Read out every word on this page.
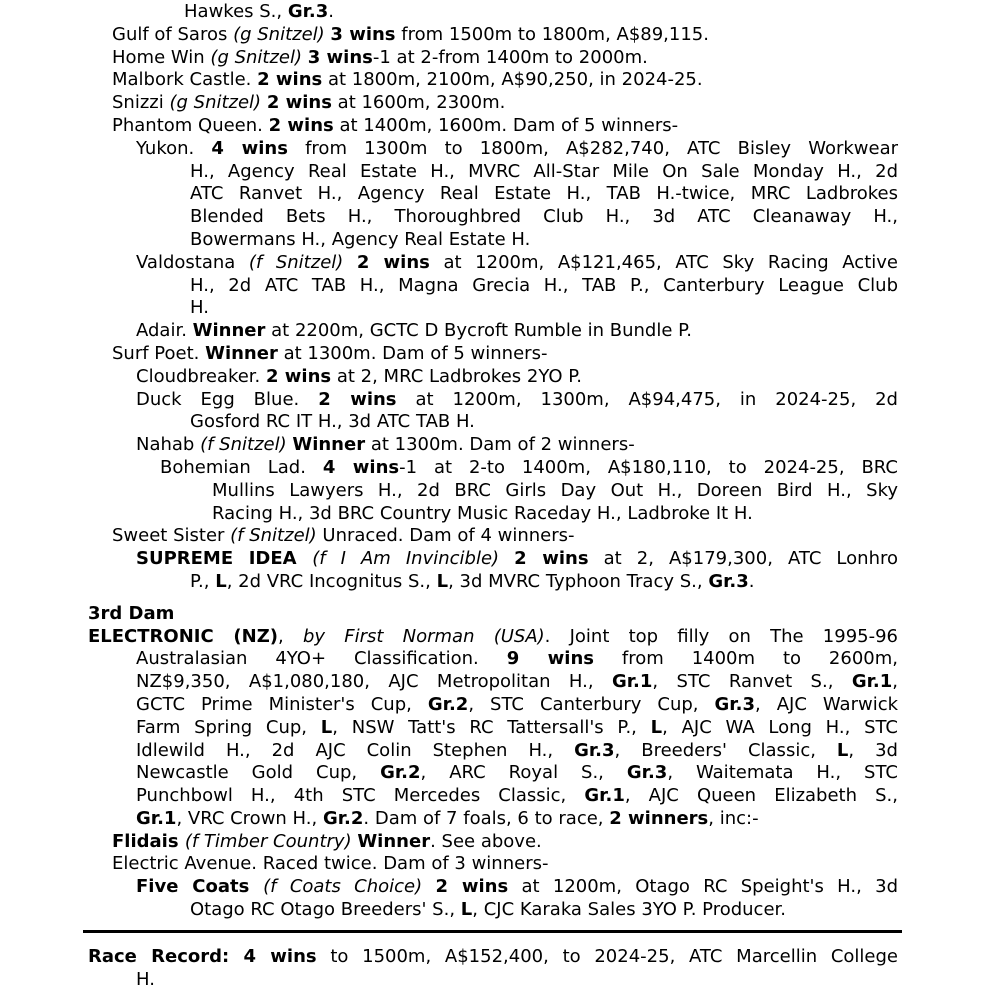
Hawkes S., Gr.3.
Gulf of Saros (g Snitzel) 3 wins from 1500m to 1800m, A$89,115.
Home Win (g Snitzel) 3 wins-1 at 2-from 1400m to 2000m.
Malbork Castle. 2 wins at 1800m, 2100m, A$90,250, in 2024-25.
Snizzi (g Snitzel) 2 wins at 1600m, 2300m.
Phantom Queen. 2 wins at 1400m, 1600m. Dam of 5 winners-
Yukon. 4 wins from 1300m to 1800m, A$282,740, ATC Bisley Workwear
H., Agency Real Estate H., MVRC All-Star Mile On Sale Monday H., 2d
ATC Ranvet H., Agency Real Estate H., TAB H.-twice, MRC Ladbrokes
Blended Bets H., Thoroughbred Club H., 3d ATC Cleanaway H.,
Bowermans H., Agency Real Estate H.
Valdostana (f Snitzel) 2 wins at 1200m, A$121,465, ATC Sky Racing Active
H., 2d ATC TAB H., Magna Grecia H., TAB P., Canterbury League Club
H.
Adair. Winner at 2200m, GCTC D Bycroft Rumble in Bundle P.
Surf Poet. Winner at 1300m. Dam of 5 winners-
Cloudbreaker. 2 wins at 2, MRC Ladbrokes 2YO P.
Duck Egg Blue. 2 wins at 1200m, 1300m, A$94,475, in 2024-25, 2d
Gosford RC IT H., 3d ATC TAB H.
Nahab (f Snitzel) Winner at 1300m. Dam of 2 winners-
Bohemian Lad. 4 wins-1 at 2-to 1400m, A$180,110, to 2024-25, BRC
Mullins Lawyers H., 2d BRC Girls Day Out H., Doreen Bird H., Sky
Racing H., 3d BRC Country Music Raceday H., Ladbroke It H.
Sweet Sister (f Snitzel) Unraced. Dam of 4 winners-
SUPREME IDEA (f I Am Invincible) 2 wins at 2, A$179,300, ATC Lonhro
P., L, 2d VRC Incognitus S., L, 3d MVRC Typhoon Tracy S., Gr.3.
3rd Dam
ELECTRONIC (NZ), by First Norman (USA). Joint top filly on The 1995-96
Australasian 4YO+ Classification. 9 wins from 1400m to 2600m,
NZ$9,350, A$1,080,180, AJC Metropolitan H., Gr.1, STC Ranvet S., Gr.1,
GCTC Prime Minister's Cup, Gr.2, STC Canterbury Cup, Gr.3, AJC Warwick
Farm Spring Cup, L, NSW Tatt's RC Tattersall's P., L, AJC WA Long H., STC
Idlewild H., 2d AJC Colin Stephen H., Gr.3, Breeders' Classic, L, 3d
Newcastle Gold Cup, Gr.2, ARC Royal S., Gr.3, Waitemata H., STC
Punchbowl H., 4th STC Mercedes Classic, Gr.1, AJC Queen Elizabeth S.,
Gr.1, VRC Crown H., Gr.2. Dam of 7 foals, 6 to race, 2 winners, inc:-
Flidais (f Timber Country) Winner. See above.
Electric Avenue. Raced twice. Dam of 3 winners-
Five Coats (f Coats Choice) 2 wins at 1200m, Otago RC Speight's H., 3d
Otago RC Otago Breeders' S., L, CJC Karaka Sales 3YO P. Producer.
Race Record: 4 wins to 1500m, A$152,400, to 2024-25, ATC Marcellin College
H.
